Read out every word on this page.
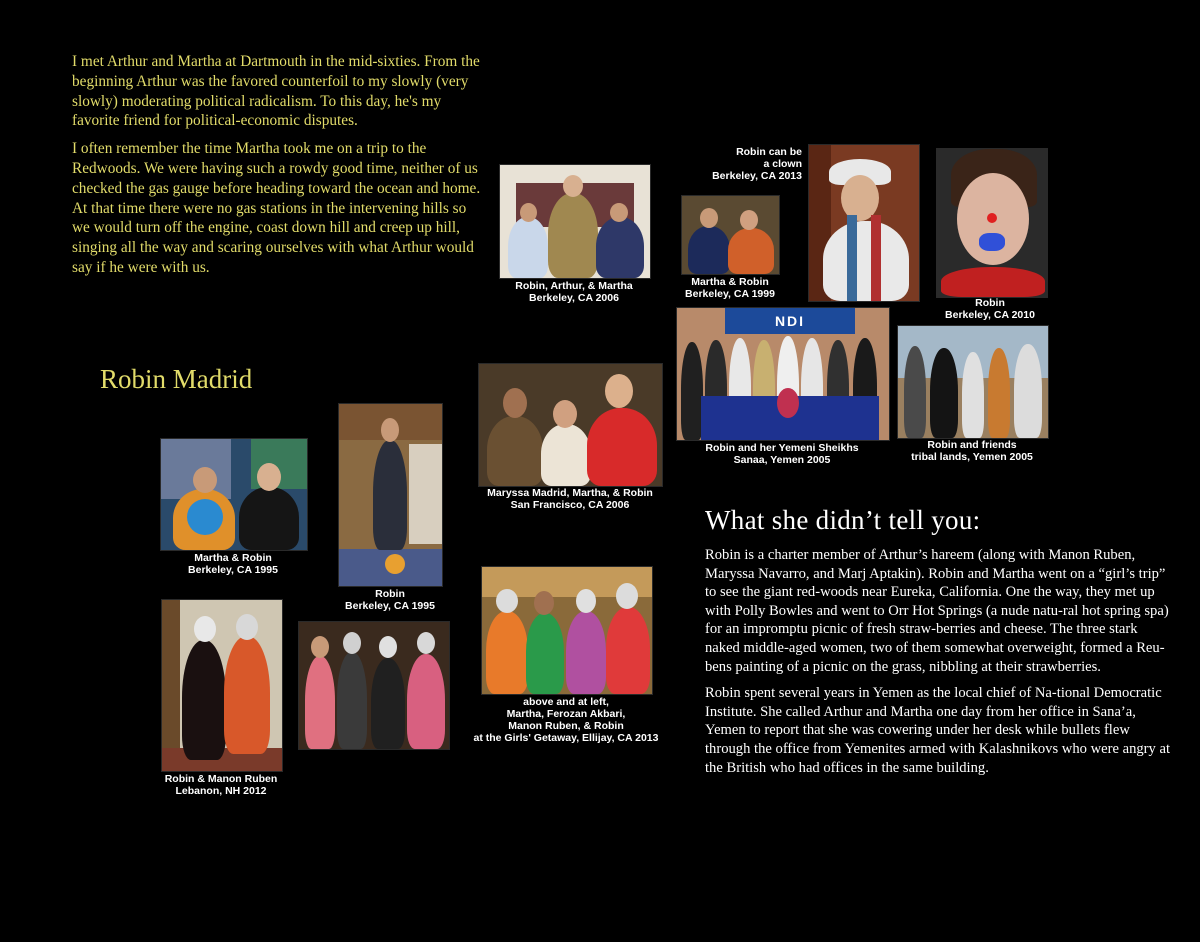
I met Arthur and Martha at Dartmouth in the mid-sixties. From the beginning Arthur was the favored counterfoil to my slowly (very slowly) moderating political radicalism. To this day, he's my favorite friend for political-economic disputes.

I often remember the time Martha took me on a trip to the Redwoods. We were having such a rowdy good time, neither of us checked the gas gauge before heading toward the ocean and home. At that time there were no gas stations in the intervening hills so we would turn off the engine, coast down hill and creep up hill, singing all the way and scaring ourselves with what Arthur would say if he were with us.

Robin Madrid
Robin, Arthur, & Martha
Berkeley, CA 2006
Robin can be
a clown
Berkeley, CA 2013
Martha & Robin
Berkeley, CA 1999
Robin
Berkeley, CA 2010
NDI
Robin and her Yemeni Sheikhs
Sanaa, Yemen 2005
Robin and friends
tribal lands, Yemen 2005
Maryssa Madrid, Martha, & Robin
San Francisco, CA 2006
Martha & Robin
Berkeley, CA 1995
Robin
Berkeley, CA 1995
Robin & Manon Ruben
Lebanon, NH 2012
above and at left,
Martha, Ferozan Akbari,
Manon Ruben, & Robin
at the Girls' Getaway, Ellijay, CA 2013
What she didn’t tell you:

Robin is a charter member of Arthur’s hareem (along with Manon Ruben, Maryssa Navarro, and Marj Aptakin). Robin and Martha went on a “girl’s trip” to see the giant red-woods near Eureka, California. One the way, they met up with Polly Bowles and went to Orr Hot Springs (a nude natu-ral hot spring spa) for an impromptu picnic of fresh straw-berries and cheese. The three stark naked middle-aged women, two of them somewhat overweight, formed a Reu-bens painting of a picnic on the grass, nibbling at their strawberries.

Robin spent several years in Yemen as the local chief of Na-tional Democratic Institute. She called Arthur and Martha one day from her office in Sana’a, Yemen to report that she was cowering under her desk while bullets flew through the office from Yemenites armed with Kalashnikovs who were angry at the British who had offices in the same building.
